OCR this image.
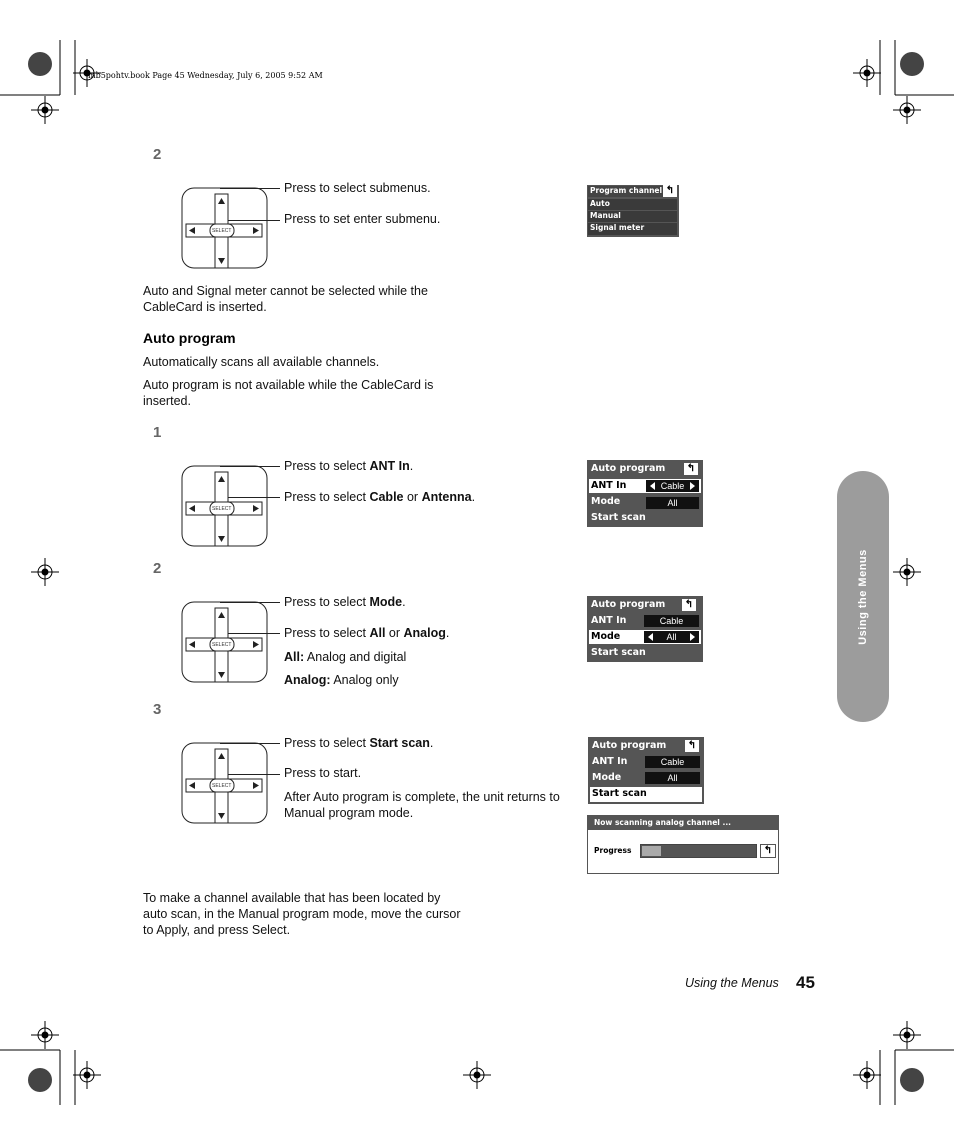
mb5pohtv.book Page 45 Wednesday, July 6, 2005 9:52 AM
2
SELECT
Press to select submenus.
Press to set enter submenu.
Program channel ↰
Auto
Manual
Signal meter
Auto and Signal meter cannot be selected while the CableCard is inserted.
Auto program
Automatically scans all available channels.
Auto program is not available while the CableCard is inserted.
1
SELECT
Press to select ANT In.
Press to select Cable or Antenna.
Auto program ↰
ANT In	Cable
Mode	All
Start scan
2
SELECT
Press to select Mode.
Press to select All or Analog.
All: Analog and digital
Analog: Analog only
Auto program ↰
ANT In	Cable
Mode	All
Start scan
3
SELECT
Press to select Start scan.
Press to start.
After Auto program is complete, the unit returns to Manual program mode.
Auto program ↰
ANT In	Cable
Mode	All
Start scan
Now scanning analog channel ...
Progress	↰
To make a channel available that has been located by auto scan, in the Manual program mode, move the cursor to Apply, and press Select.
Using the Menus
Using the Menus 45
